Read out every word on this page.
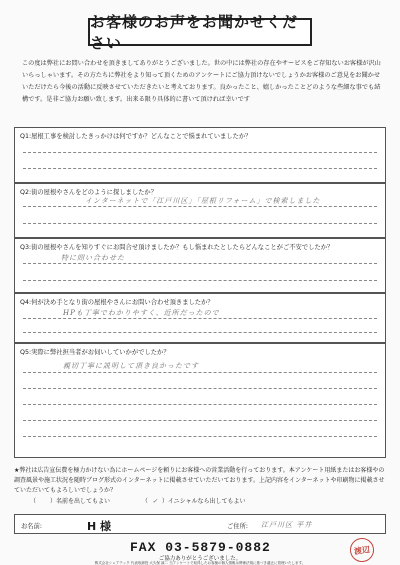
お客様のお声をお聞かせください
この度は弊社にお問い合わせを頂きましてありがとうございました。世の中には弊社の存在やサービスをご存知ないお客様が沢山いらっしゃいます。その方たちに弊社をより知って頂くためのアンケートにご協力頂けないでしょうかお客様のご意見をお聞かせいただけたら今後の活動に反映させていただきたいと考えております。良かったこと、嬉しかったことどのような些細な事でも結構です。是非ご協力お願い致します。出来る限り具体的に書いて頂ければ幸いです
Q1:屋根工事を検討したきっかけは何ですか？どんなことで悩まれていましたか？
Q2:街の屋根やさんをどのように探しましたか？
インターネットで「江戸川区」「屋根リフォーム」で検索しました
Q3:街の屋根やさんを知りすぐにお問合せ頂けましたか？もし悩まれたとしたらどんなことがご不安でしたか？
特に問い合わせた
Q4:何が決め手となり街の屋根やさんにお問い合わせ頂きましたか？
HPも丁寧でわかりやすく、近所だったので
Q5:実際に弊社担当者がお伺いしていかがでしたか？
親切丁寧に説明して頂き良かったです
★弊社は広告宣伝費を極力かけない為にホームページを頼りにお客様への営業活動を行っております。本アンケート用紙またはお客様やの調査風景や施工状況を随時ブログ形式のインターネットに掲載させていただいております。上記内容をインターネットや印刷物に掲載させていただいてもよろしいでしょうか？
（ ）名前を出してもよい	（ ✓ ）イニシャルなら出してもよい
お名前:	H 様	ご住所: 江戸川区 平井
FAX 03-5879-0882
ご協力ありがとうございました。
渡辺
株式会社シェアテック 代表取締役 大久保 誠二 当アンケートで取得したお客様の個人情報は関係法規に基づき適正に管理いたします。
